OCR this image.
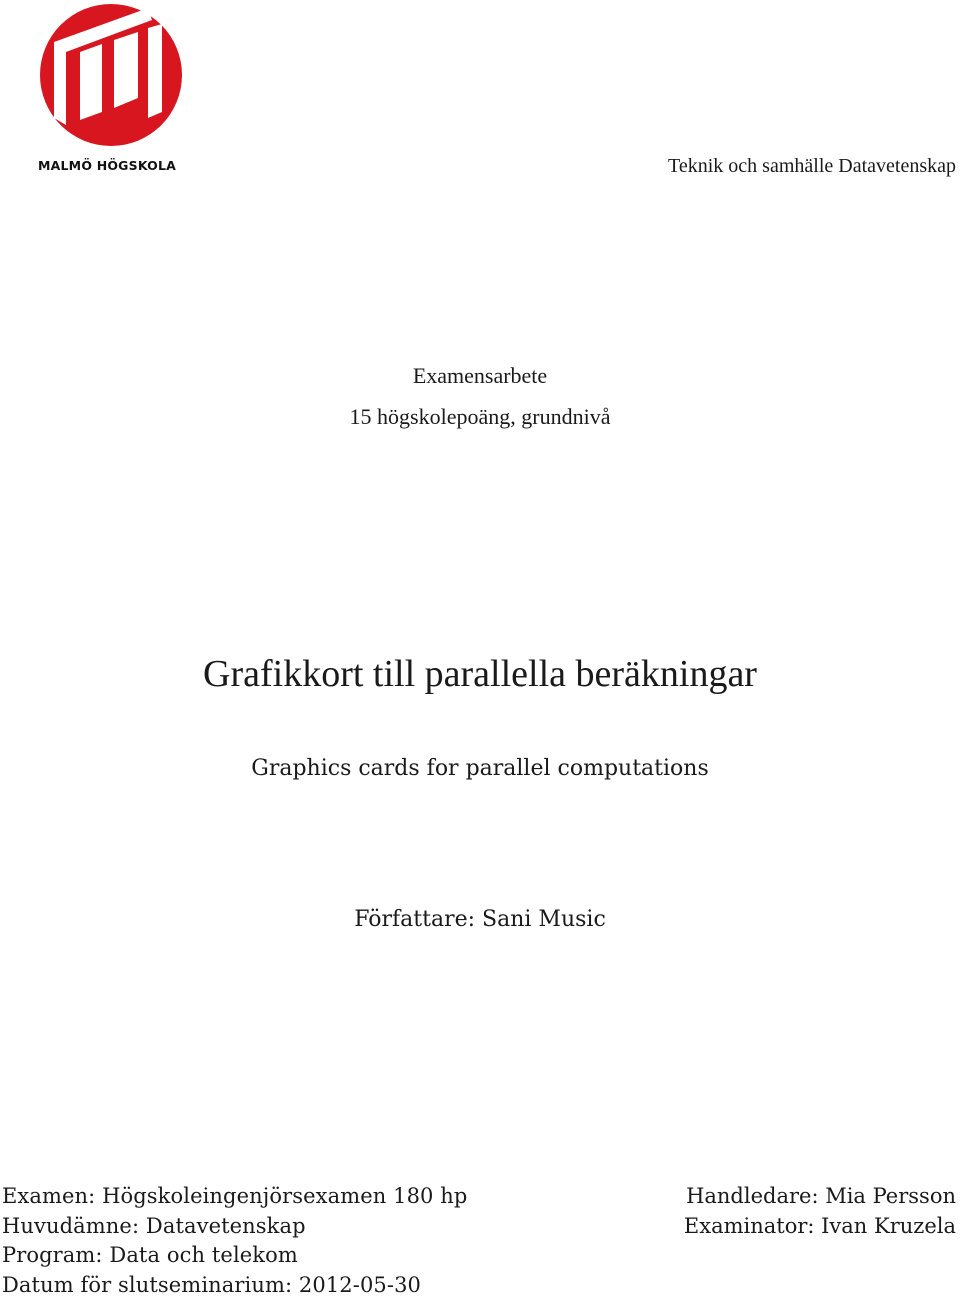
MALMÖ HÖGSKOLA	Teknik och samhälle Datavetenskap
Examensarbete
15 högskolepoäng, grundnivå
Grafikkort till parallella beräkningar
Graphics cards for parallel computations
Författare: Sani Music
Examen: Högskoleingenjörsexamen 180 hp
Huvudämne: Datavetenskap
Program: Data och telekom
Datum för slutseminarium: 2012-05-30
Handledare: Mia Persson
Examinator: Ivan Kruzela
